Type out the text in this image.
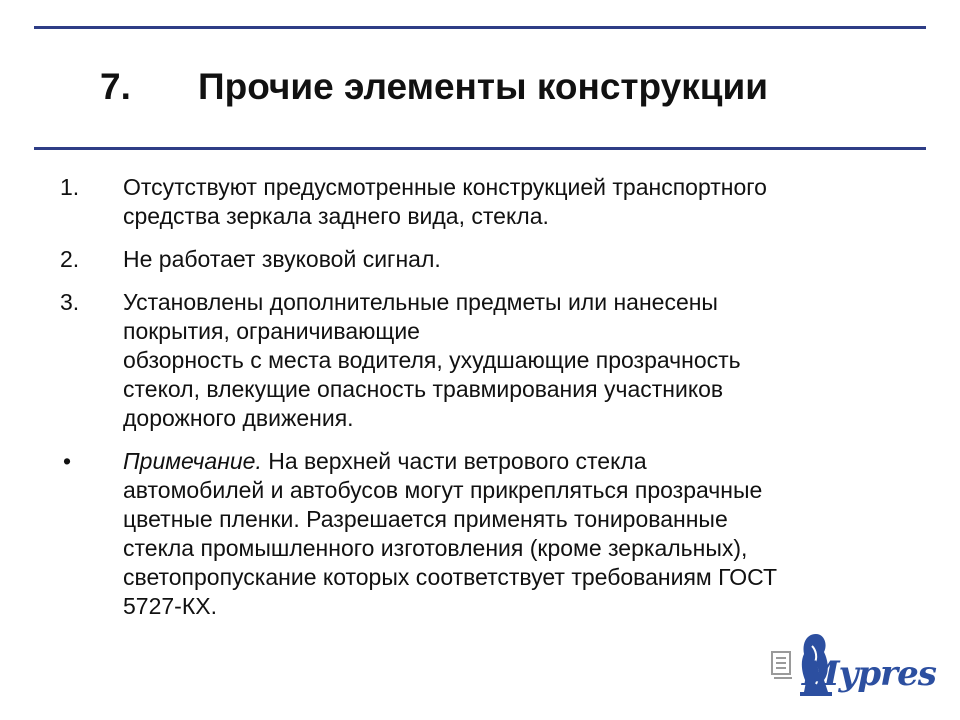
7. Прочие элементы конструкции
1.	Отсутствуют предусмотренные конструкцией транспортного
средства зеркала заднего вида, стекла.
2.	Не работает звуковой сигнал.
3.	Установлены дополнительные предметы или нанесены
покрытия, ограничивающие
обзорность с места водителя, ухудшающие прозрачность
стекол, влекущие опасность травмирования участников
дорожного движения.
•	Примечание. На верхней части ветрового стекла
автомобилей и автобусов могут прикрепляться прозрачные
цветные пленки. Разрешается применять тонированные
стекла промышленного изготовления (кроме зеркальных),
светопропускание которых соответствует требованиям ГОСТ
5727-КХ.
Mypres
